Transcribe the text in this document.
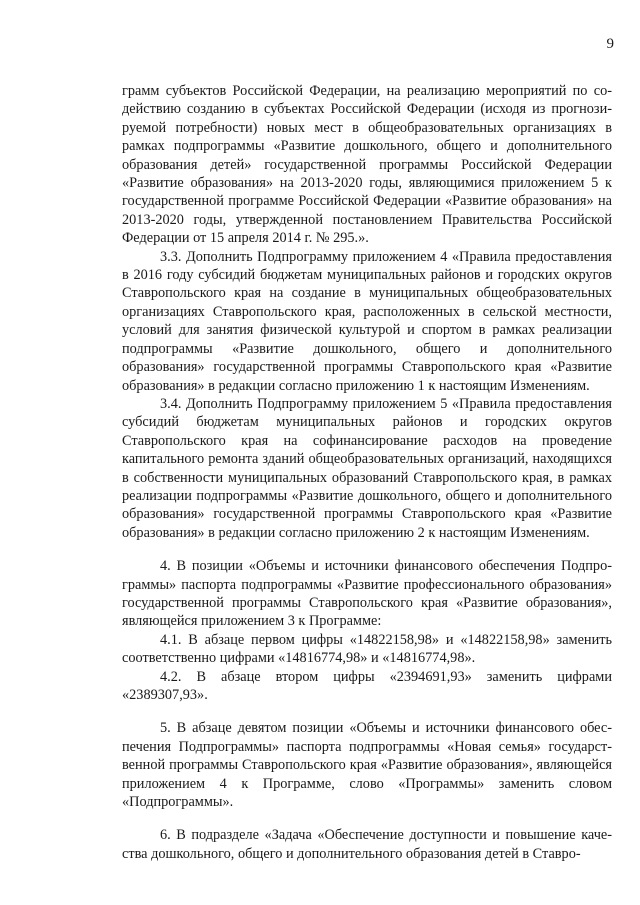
9

грамм субъектов Российской Федерации, на реализацию мероприятий по содействию созданию в субъектах Российской Федерации (исходя из прогнозируемой потребности) новых мест в общеобразовательных организациях в рамках подпрограммы «Развитие дошкольного, общего и дополнительного образования детей» государственной программы Российской Федерации «Развитие образования» на 2013-2020 годы, являющимися приложением 5 к государственной программе Российской Федерации «Развитие образования» на 2013-2020 годы, утвержденной постановлением Правительства Российской Федерации от 15 апреля 2014 г. № 295.».

3.3. Дополнить Подпрограмму приложением 4 «Правила предоставления в 2016 году субсидий бюджетам муниципальных районов и городских округов Ставропольского края на создание в муниципальных общеобразовательных организациях Ставропольского края, расположенных в сельской местности, условий для занятия физической культурой и спортом в рамках реализации подпрограммы «Развитие дошкольного, общего и дополнительного образования» государственной программы Ставропольского края «Развитие образования» в редакции согласно приложению 1 к настоящим Изменениям.

3.4. Дополнить Подпрограмму приложением 5 «Правила предоставления субсидий бюджетам муниципальных районов и городских округов Ставропольского края на софинансирование расходов на проведение капитального ремонта зданий общеобразовательных организаций, находящихся в собственности муниципальных образований Ставропольского края, в рамках реализации подпрограммы «Развитие дошкольного, общего и дополнительного образования» государственной программы Ставропольского края «Развитие образования» в редакции согласно приложению 2 к настоящим Изменениям.

4. В позиции «Объемы и источники финансового обеспечения Подпрограммы» паспорта подпрограммы «Развитие профессионального образования» государственной программы Ставропольского края «Развитие образования», являющейся приложением 3 к Программе:

4.1. В абзаце первом цифры «14822158,98» и «14822158,98» заменить соответственно цифрами «14816774,98» и «14816774,98».

4.2. В абзаце втором цифры «2394691,93» заменить цифрами «2389307,93».

5. В абзаце девятом позиции «Объемы и источники финансового обеспечения Подпрограммы» паспорта подпрограммы «Новая семья» государственной программы Ставропольского края «Развитие образования», являющейся приложением 4 к Программе, слово «Программы» заменить словом «Подпрограммы».

6. В подразделе «Задача «Обеспечение доступности и повышение качества дошкольного, общего и дополнительного образования детей в Ставро-
